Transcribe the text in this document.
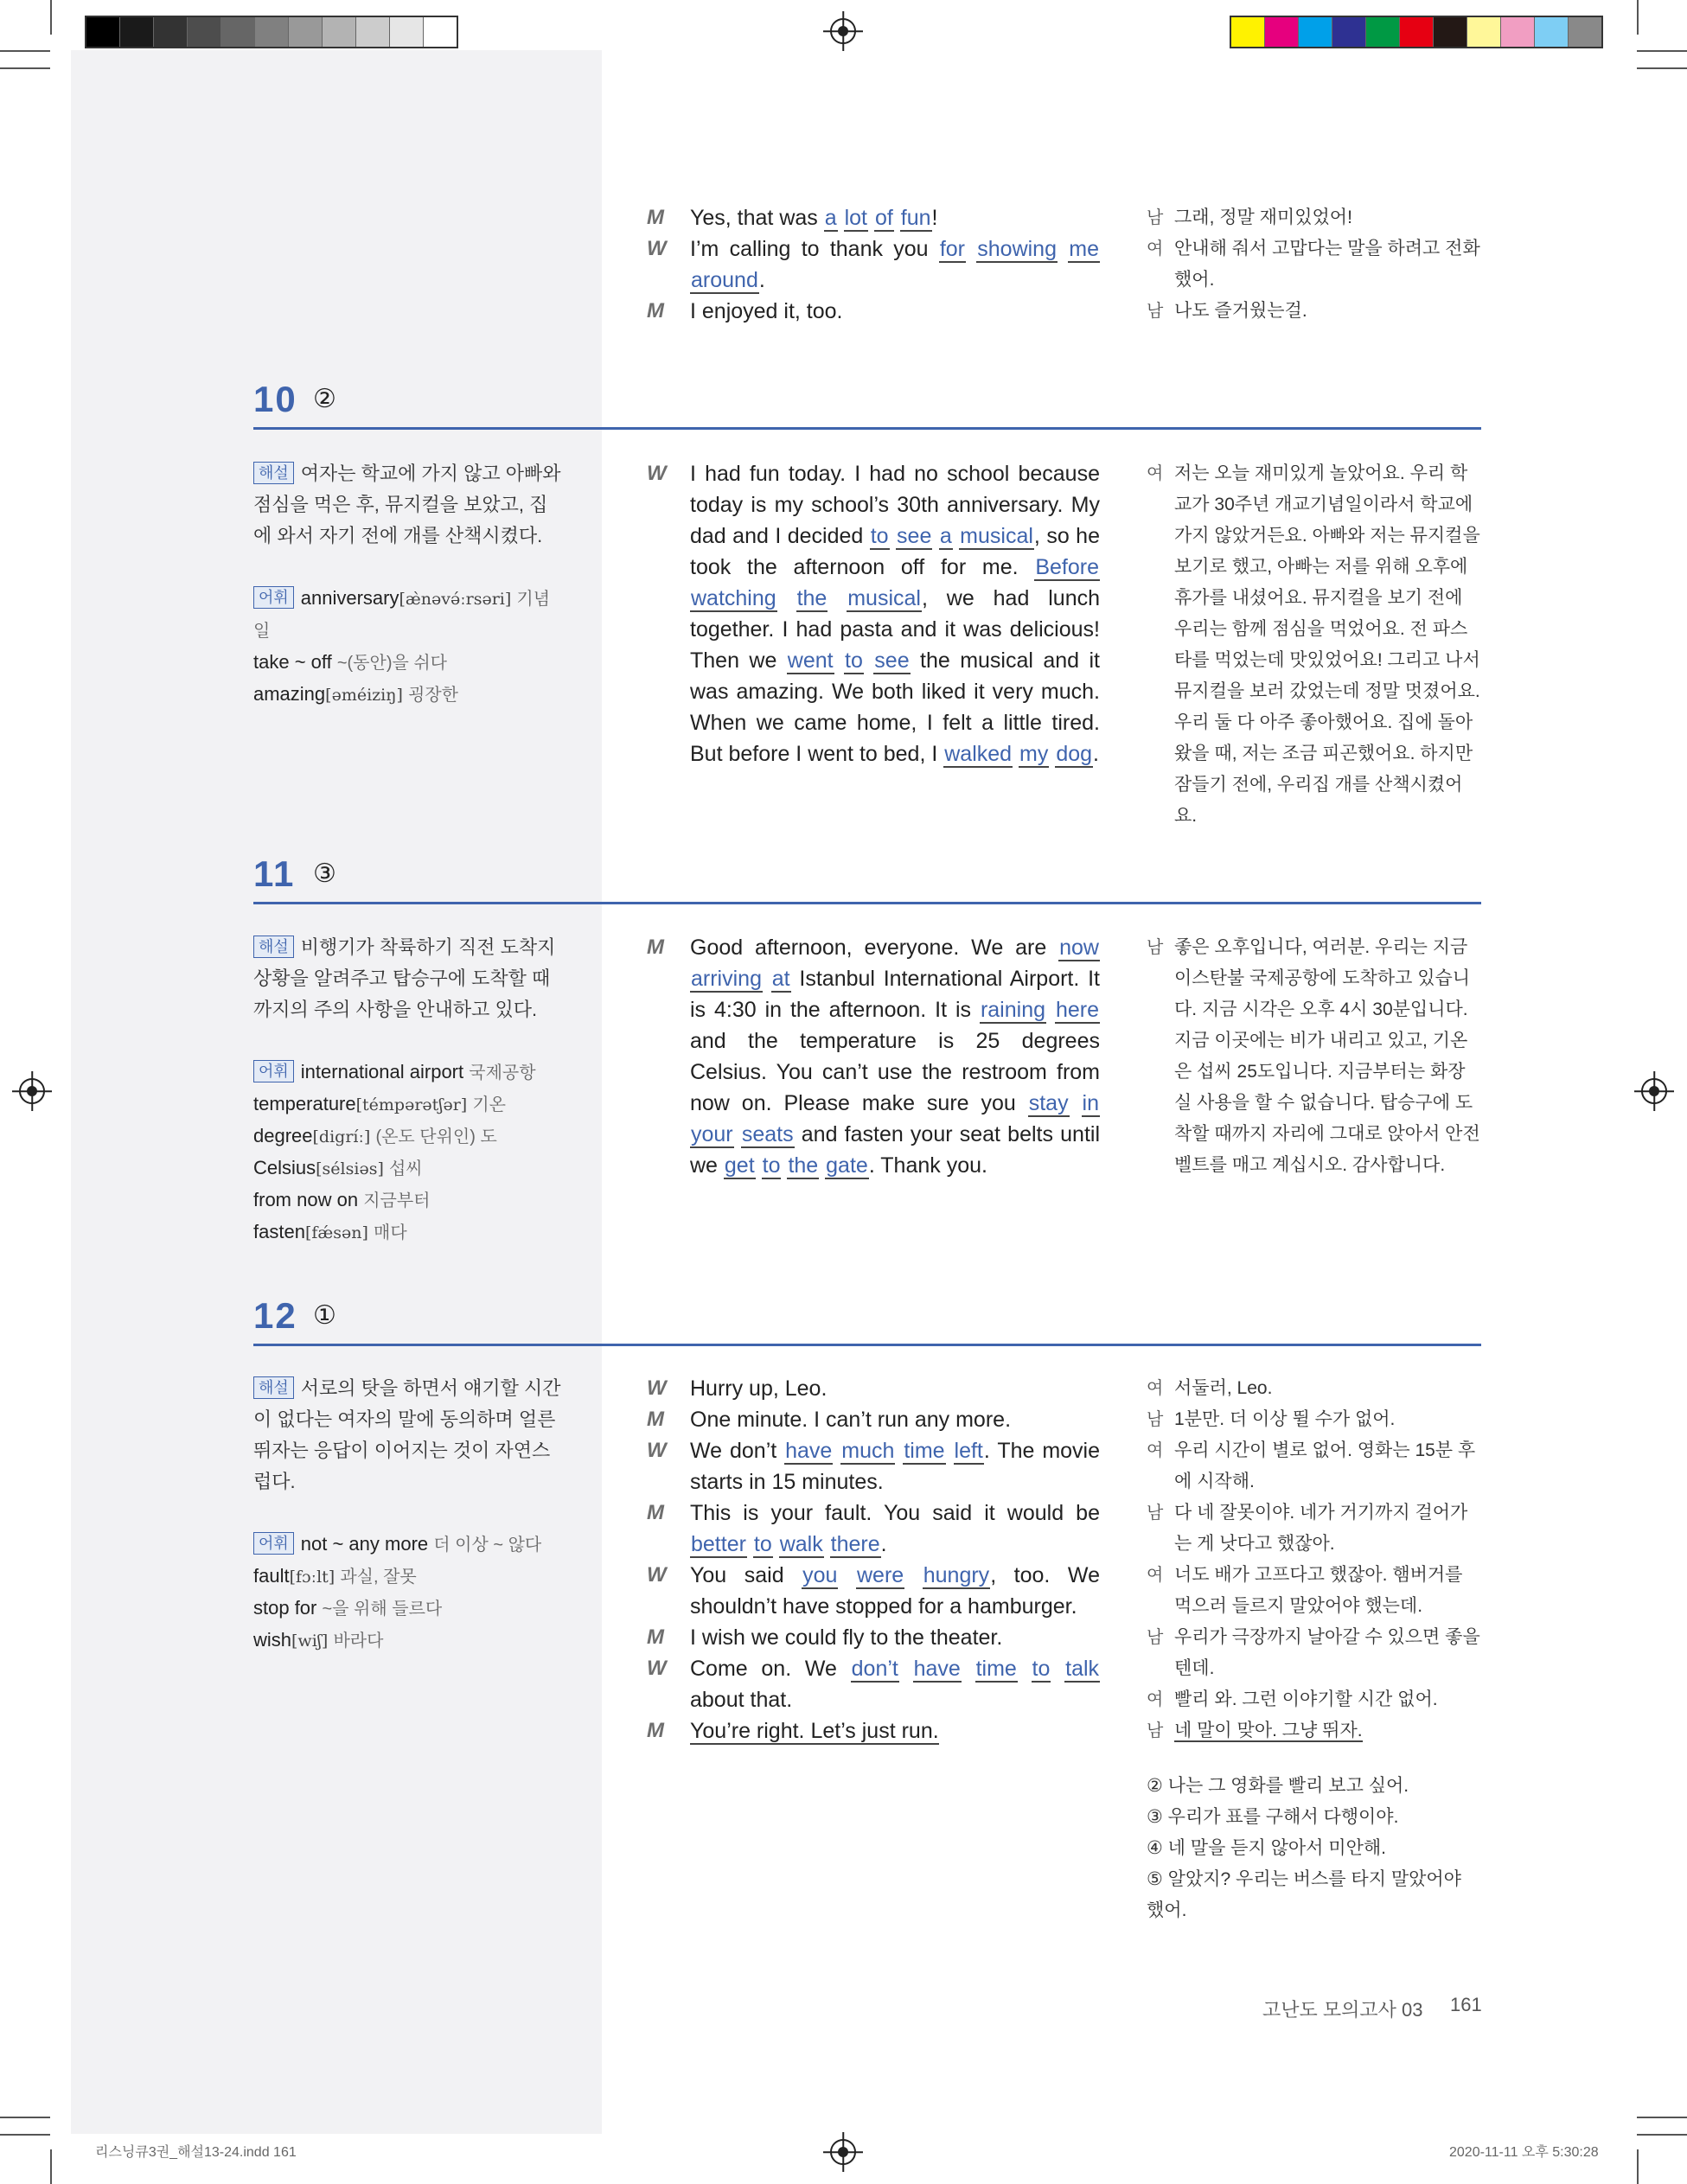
M Yes, that was a lot of fun!
W I’m calling to thank you for showing me around.
M I enjoyed it, too.
남 그래, 정말 재미있었어!
여 안내해 줘서 고맙다는 말을 하려고 전화했어.
남 나도 즐거웠는걸.
10 ②
해설 여자는 학교에 가지 않고 아빠와 점심을 먹은 후, 뮤지컬을 보았고, 집에 와서 자기 전에 개를 산책시켰다.
어휘 anniversary[ӕ̀nəvə́ːrsəri] 기념일
take ~ off ~(동안)을 쉬다
amazing[əméiziŋ] 굉장한
W I had fun today. I had no school because today is my school’s 30th anniversary. My dad and I decided to see a musical, so he took the afternoon off for me. Before watching the musical, we had lunch together. I had pasta and it was delicious! Then we went to see the musical and it was amazing. We both liked it very much. When we came home, I felt a little tired. But before I went to bed, I walked my dog.
여 저는 오늘 재미있게 놀았어요. 우리 학교가 30주년 개교기념일이라서 학교에 가지 않았거든요. 아빠와 저는 뮤지컬을 보기로 했고, 아빠는 저를 위해 오후에 휴가를 내셨어요. 뮤지컬을 보기 전에 우리는 함께 점심을 먹었어요. 전 파스타를 먹었는데 맛있었어요! 그리고 나서 뮤지컬을 보러 갔었는데 정말 멋졌어요. 우리 둘 다 아주 좋아했어요. 집에 돌아왔을 때, 저는 조금 피곤했어요. 하지만 잠들기 전에, 우리집 개를 산책시켰어요.
11 ③
해설 비행기가 착륙하기 직전 도착지 상황을 알려주고 탑승구에 도착할 때까지의 주의 사항을 안내하고 있다.
어휘 international airport 국제공항
temperature[témpərətʃər] 기온
degree[digríː] (온도 단위인) 도
Celsius[sélsiəs] 섭씨
from now on 지금부터
fasten[fǽsən] 매다
M Good afternoon, everyone. We are now arriving at Istanbul International Airport. It is 4:30 in the afternoon. It is raining here and the temperature is 25 degrees Celsius. You can’t use the restroom from now on. Please make sure you stay in your seats and fasten your seat belts until we get to the gate. Thank you.
남 좋은 오후입니다, 여러분. 우리는 지금 이스탄불 국제공항에 도착하고 있습니다. 지금 시각은 오후 4시 30분입니다. 지금 이곳에는 비가 내리고 있고, 기온은 섭씨 25도입니다. 지금부터는 화장실 사용을 할 수 없습니다. 탑승구에 도착할 때까지 자리에 그대로 앉아서 안전벨트를 매고 계십시오. 감사합니다.
12 ①
해설 서로의 탓을 하면서 얘기할 시간이 없다는 여자의 말에 동의하며 얼른 뛰자는 응답이 이어지는 것이 자연스럽다.
어휘 not ~ any more 더 이상 ~ 않다
fault[fɔːlt] 과실, 잘못
stop for ~을 위해 들르다
wish[wiʃ] 바라다
W Hurry up, Leo.
M One minute. I can’t run any more.
W We don’t have much time left. The movie starts in 15 minutes.
M This is your fault. You said it would be better to walk there.
W You said you were hungry, too. We shouldn’t have stopped for a hamburger.
M I wish we could fly to the theater.
W Come on. We don’t have time to talk about that.
M You’re right. Let’s just run.
여 서둘러, Leo.
남 1분만. 더 이상 뛸 수가 없어.
여 우리 시간이 별로 없어. 영화는 15분 후에 시작해.
남 다 네 잘못이야. 네가 거기까지 걸어가는 게 낫다고 했잖아.
여 너도 배가 고프다고 했잖아. 햄버거를 먹으러 들르지 말았어야 했는데.
남 우리가 극장까지 날아갈 수 있으면 좋을 텐데.
여 빨리 와. 그런 이야기할 시간 없어.
남 네 말이 맞아. 그냥 뛰자.
② 나는 그 영화를 빨리 보고 싶어.
③ 우리가 표를 구해서 다행이야.
④ 네 말을 듣지 않아서 미안해.
⑤ 알았지? 우리는 버스를 타지 말았어야 했어.
고난도 모의고사 03 161
리스닝큐3권_해설13-24.indd 161	2020-11-11 오후 5:30:28
